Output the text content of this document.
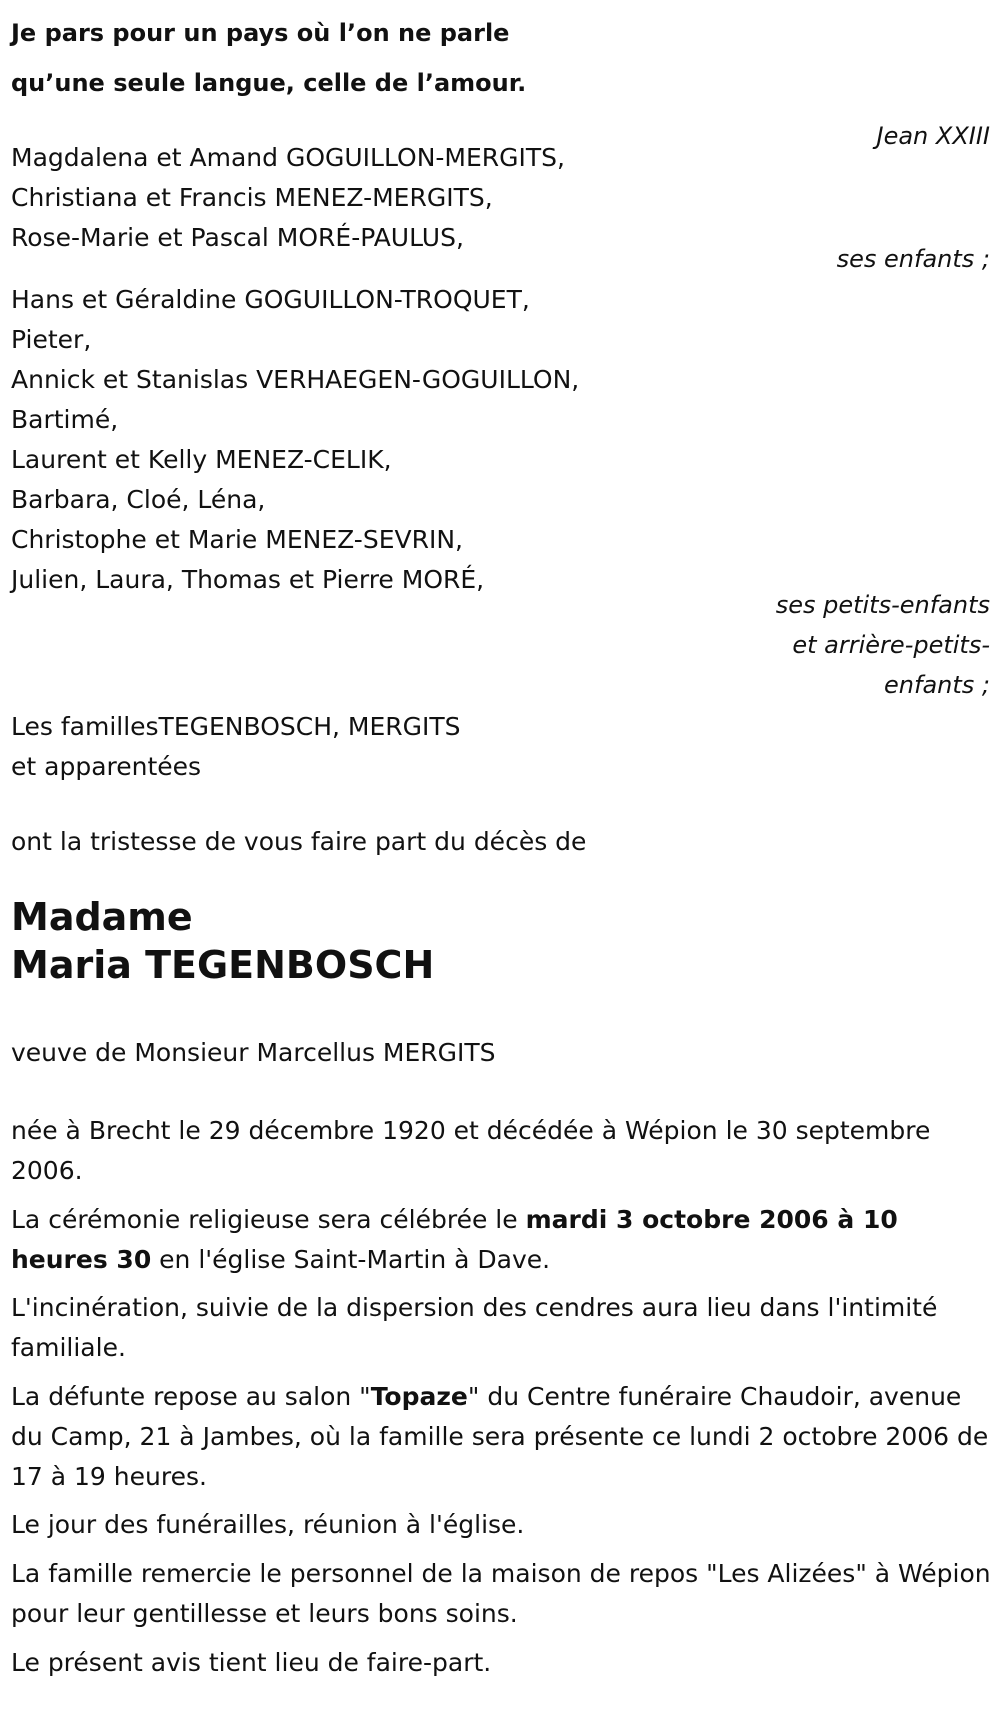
Je pars pour un pays où l’on ne parle
qu’une seule langue, celle de l’amour.
Jean XXIII
Magdalena et Amand GOGUILLON-MERGITS,
Christiana et Francis MENEZ-MERGITS,
Rose-Marie et Pascal MORÉ-PAULUS,
ses enfants ;
Hans et Géraldine GOGUILLON-TROQUET,
Pieter,
Annick et Stanislas VERHAEGEN-GOGUILLON,
Bartimé,
Laurent et Kelly MENEZ-CELIK,
Barbara, Cloé, Léna,
Christophe et Marie MENEZ-SEVRIN,
Julien, Laura, Thomas et Pierre MORÉ,
ses petits-enfants
et arrière-petits-
enfants ;
Les famillesTEGENBOSCH, MERGITS
et apparentées
ont la tristesse de vous faire part du décès de
Madame
Maria TEGENBOSCH
veuve de Monsieur Marcellus MERGITS
née à Brecht le 29 décembre 1920 et décédée à Wépion le 30 septembre 2006.
La cérémonie religieuse sera célébrée le mardi 3 octobre 2006 à 10 heures 30 en l'église Saint-Martin à Dave.
L'incinération, suivie de la dispersion des cendres aura lieu dans l'intimité familiale.
La défunte repose au salon "Topaze" du Centre funéraire Chaudoir, avenue du Camp, 21 à Jambes, où la famille sera présente ce lundi 2 octobre 2006 de 17 à 19 heures.
Le jour des funérailles, réunion à l'église.
La famille remercie le personnel de la maison de repos "Les Alizées" à Wépion pour leur gentillesse et leurs bons soins.
Le présent avis tient lieu de faire-part.
